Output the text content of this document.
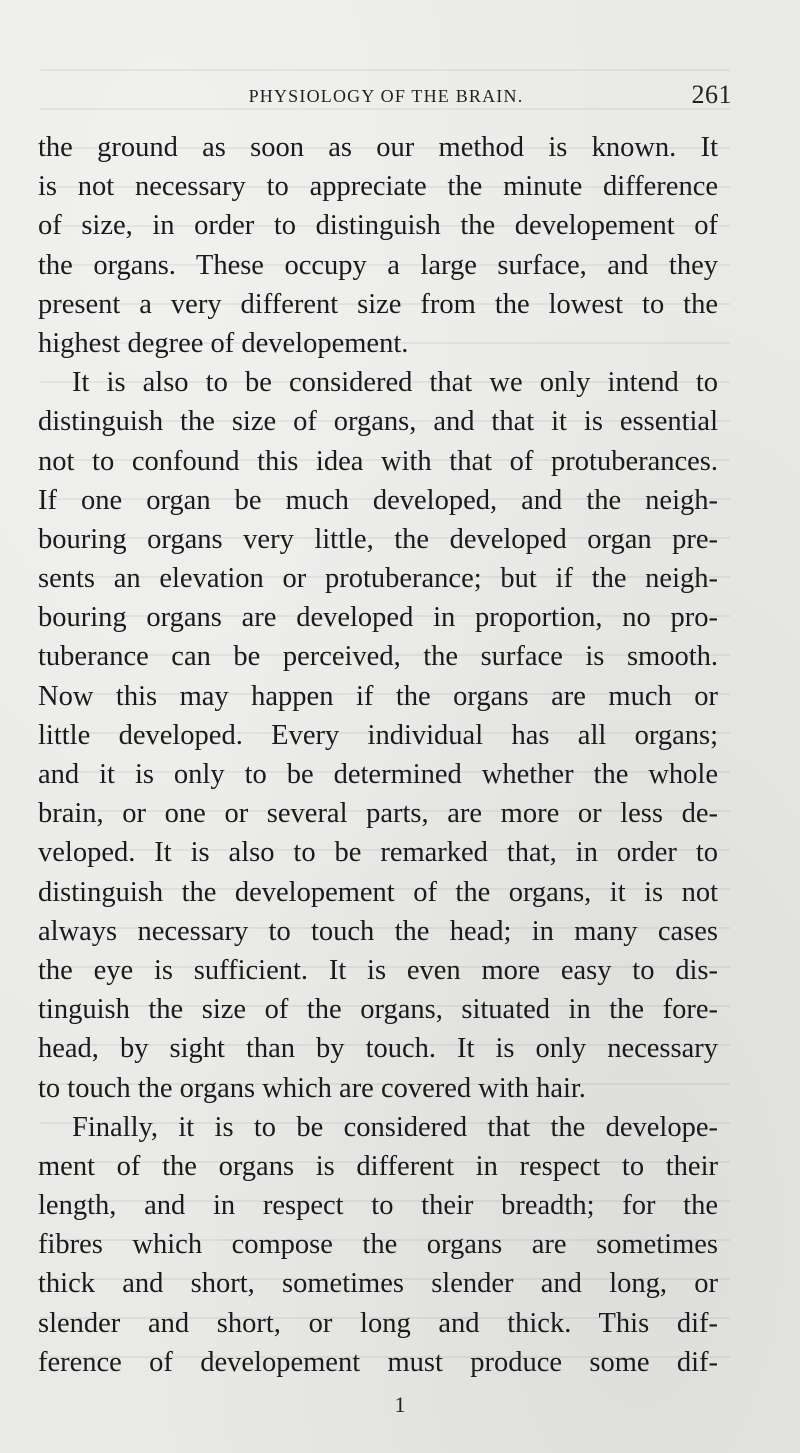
PHYSIOLOGY OF THE BRAIN.	261
the ground as soon as our method is known. It
is not necessary to appreciate the minute difference
of size, in order to distinguish the developement of
the organs. These occupy a large surface, and they
present a very different size from the lowest to the
highest degree of developement.
It is also to be considered that we only intend to
distinguish the size of organs, and that it is essential
not to confound this idea with that of protuberances.
If one organ be much developed, and the neigh-
bouring organs very little, the developed organ pre-
sents an elevation or protuberance; but if the neigh-
bouring organs are developed in proportion, no pro-
tuberance can be perceived, the surface is smooth.
Now this may happen if the organs are much or
little developed. Every individual has all organs;
and it is only to be determined whether the whole
brain, or one or several parts, are more or less de-
veloped. It is also to be remarked that, in order to
distinguish the developement of the organs, it is not
always necessary to touch the head; in many cases
the eye is sufficient. It is even more easy to dis-
tinguish the size of the organs, situated in the fore-
head, by sight than by touch. It is only necessary
to touch the organs which are covered with hair.
Finally, it is to be considered that the develope-
ment of the organs is different in respect to their
length, and in respect to their breadth; for the
fibres which compose the organs are sometimes
thick and short, sometimes slender and long, or
slender and short, or long and thick. This dif-
ference of developement must produce some dif-
1
